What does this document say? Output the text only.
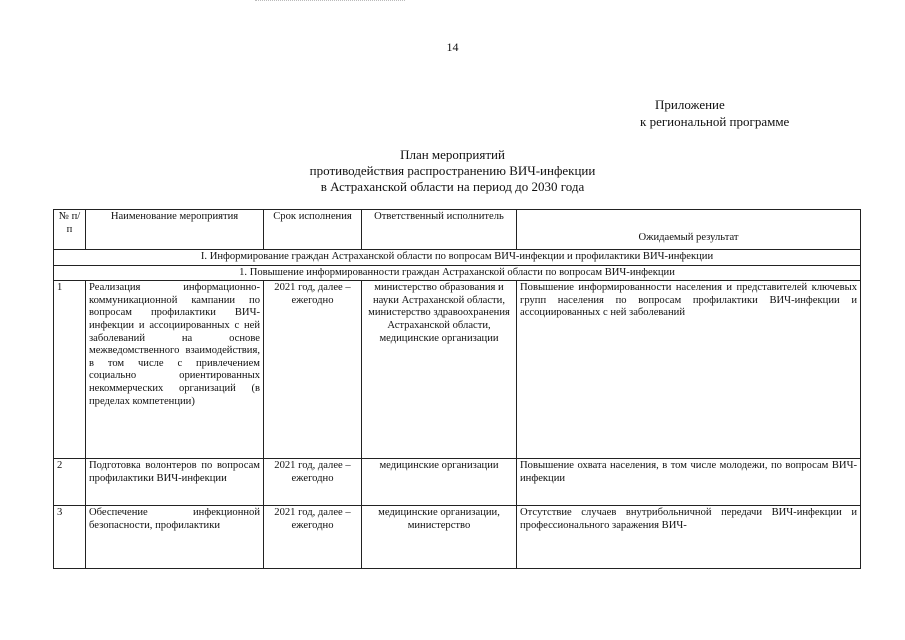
14
Приложение
к региональной программе
План мероприятий
противодействия распространению ВИЧ-инфекции
в Астраханской области на период до 2030 года
№ п/п	Наименование мероприятия	Срок исполнения	Ответственный исполнитель	Ожидаемый результат
I. Информирование граждан Астраханской области по вопросам ВИЧ-инфекции и профилактики ВИЧ-инфекции				
1. Повышение информированности граждан Астраханской области по вопросам ВИЧ-инфекции				
1	Реализация информационно-коммуникационной кампании по вопросам профилактики ВИЧ-инфекции и ассоциированных с ней заболеваний на основе межведомственного взаимодействия, в том числе с привлечением социально ориентированных некоммерческих организаций (в пределах компетенции)	2021 год, далее – ежегодно	министерство образования и науки Астраханской области, министерство здравоохранения Астраханской области, медицинские организации	Повышение информированности населения и представителей ключевых групп населения по вопросам профилактики ВИЧ-инфекции и ассоциированных с ней заболеваний
2	Подготовка волонтеров по вопросам профилактики ВИЧ-инфекции	2021 год, далее – ежегодно	медицинские организации	Повышение охвата населения, в том числе молодежи, по вопросам ВИЧ-инфекции
3	Обеспечение инфекционной безопасности, профилактики	2021 год, далее – ежегодно	медицинские организации, министерство	Отсутствие случаев внутрибольничной передачи ВИЧ-инфекции и профессионального заражения ВИЧ-
